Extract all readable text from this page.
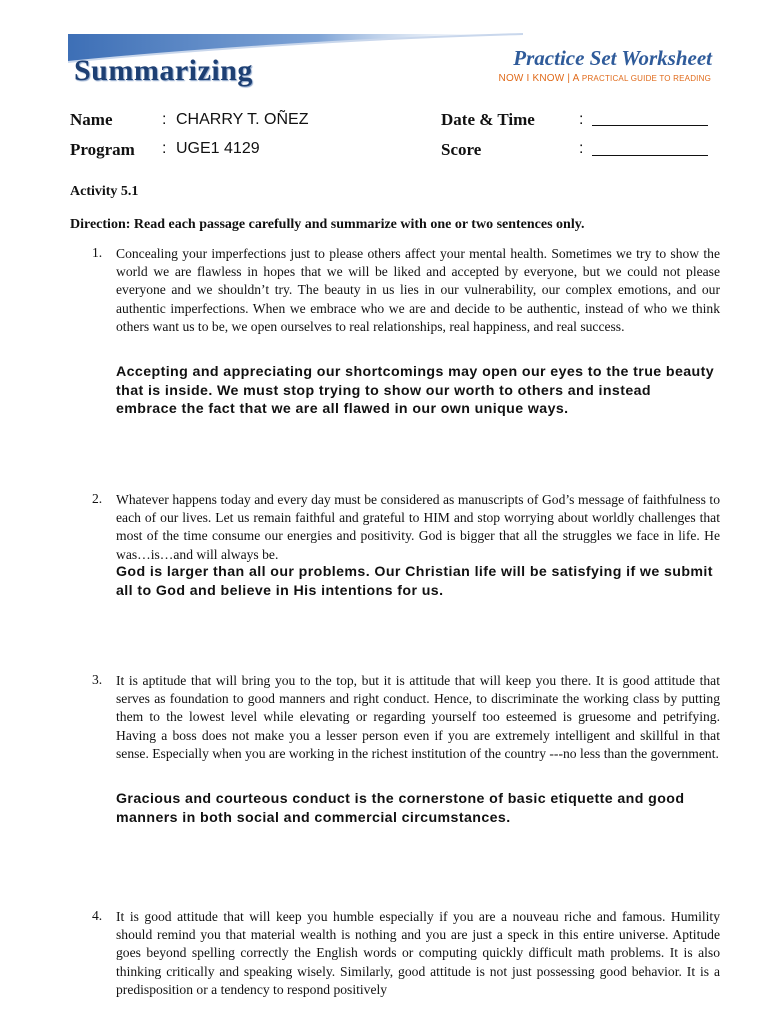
Summarizing	Practice Set Worksheet
NOW I KNOW | A PRACTICAL GUIDE TO READING
Name	: CHARRY T. OÑEZ
Program : UGE1 4129
Date & Time	:
Score	:
Activity 5.1
Direction: Read each passage carefully and summarize with one or two sentences only.
1. Concealing your imperfections just to please others affect your mental health. Sometimes we try to show the world we are flawless in hopes that we will be liked and accepted by everyone, but we could not please everyone and we shouldn’t try. The beauty in us lies in our vulnerability, our complex emotions, and our authentic imperfections. When we embrace who we are and decide to be authentic, instead of who we think others want us to be, we open ourselves to real relationships, real happiness, and real success.
Accepting and appreciating our shortcomings may open our eyes to the true beauty that is inside. We must stop trying to show our worth to others and instead embrace the fact that we are all flawed in our own unique ways.
2. Whatever happens today and every day must be considered as manuscripts of God’s message of faithfulness to each of our lives. Let us remain faithful and grateful to HIM and stop worrying about worldly challenges that most of the time consume our energies and positivity. God is bigger that all the struggles we face in life. He was…is…and will always be.
God is larger than all our problems. Our Christian life will be satisfying if we submit all to God and believe in His intentions for us.
3. It is aptitude that will bring you to the top, but it is attitude that will keep you there. It is good attitude that serves as foundation to good manners and right conduct. Hence, to discriminate the working class by putting them to the lowest level while elevating or regarding yourself too esteemed is gruesome and petrifying. Having a boss does not make you a lesser person even if you are extremely intelligent and skillful in that sense. Especially when you are working in the richest institution of the country ---no less than the government.
Gracious and courteous conduct is the cornerstone of basic etiquette and good manners in both social and commercial circumstances.
4. It is good attitude that will keep you humble especially if you are a nouveau riche and famous. Humility should remind you that material wealth is nothing and you are just a speck in this entire universe. Aptitude goes beyond spelling correctly the English words or computing quickly difficult math problems. It is also thinking critically and speaking wisely. Similarly, good attitude is not just possessing good behavior. It is a predisposition or a tendency to respond positively
